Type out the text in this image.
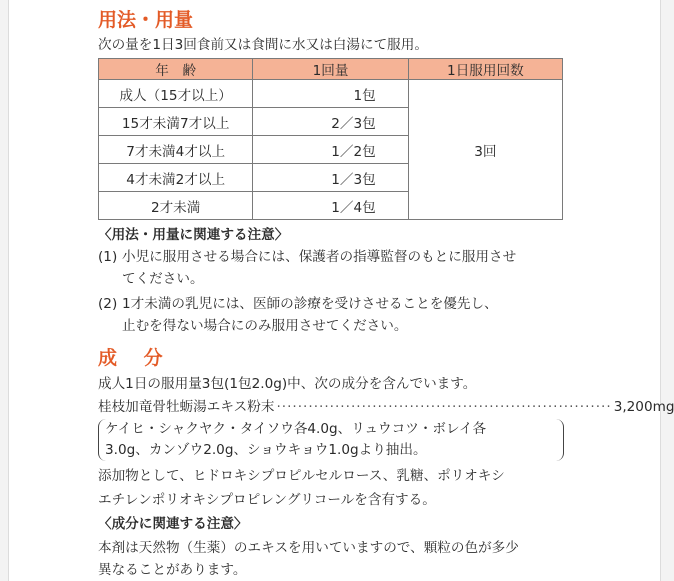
用法・用量
次の量を1日3回食前又は食間に水又は白湯にて服用。
年　齢	1回量	1日服用回数
成人（15才以上）	1包	3回
15才未満7才以上	2／3包	
7才未満4才以上	1／2包	
4才未満2才以上	1／3包	
2才未満	1／4包	
〈用法・用量に関連する注意〉
(1) 小児に服用させる場合には、保護者の指導監督のもとに服用させ
てください。
(2) 1才未満の乳児には、医師の診療を受けさせることを優先し、
止むを得ない場合にのみ服用させてください。
成 分
成人1日の服用量3包(1包2.0g)中、次の成分を含んでいます。
桂枝加竜骨牡蛎湯エキス粉末 ······························································· 3,200mg
ケイヒ・シャクヤク・タイソウ各4.0g、リュウコツ・ボレイ各
3.0g、カンゾウ2.0g、ショウキョウ1.0gより抽出。
添加物として、ヒドロキシプロピルセルロース、乳糖、ポリオキシ
エチレンポリオキシプロピレングリコールを含有する。
〈成分に関連する注意〉
本剤は天然物（生薬）のエキスを用いていますので、顆粒の色が多少
異なることがあります。
